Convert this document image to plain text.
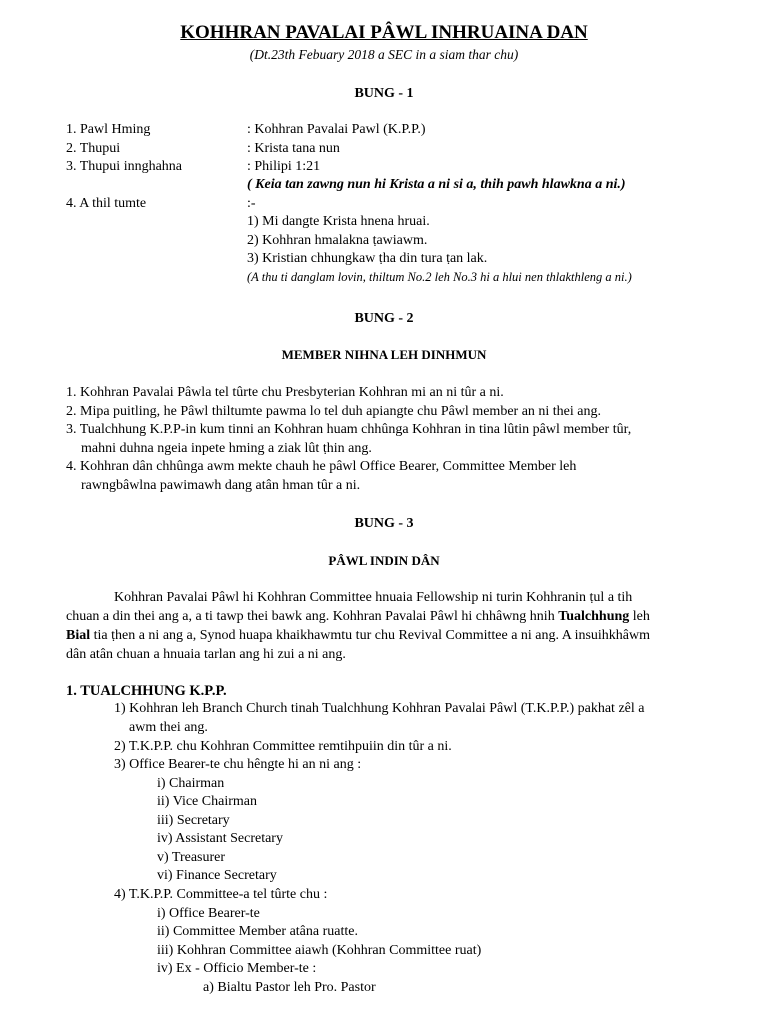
KOHHRAN PAVALAI PÂWL INHRUAINA DAN
(Dt.23th Febuary 2018 a SEC in a siam thar chu)
BUNG - 1
1. Pawl Hming	: Kohhran Pavalai Pawl (K.P.P.)
2. Thupui	: Krista tana nun
3. Thupui innghahna	: Philipi 1:21
( Keia tan zawng nun hi Krista a ni si a, thih pawh hlawkna a ni.)
4. A thil tumte	:-
1) Mi dangte Krista hnena hruai.
2) Kohhran hmalakna ṭawiawm.
3) Kristian chhungkaw ṭha din tura ṭan lak.
(A thu ti danglam lovin, thiltum No.2 leh No.3 hi a hlui nen thlakthleng a ni.)
BUNG - 2
MEMBER NIHNA LEH DINHMUN
1. Kohhran Pavalai Pâwla tel tûrte chu Presbyterian Kohhran mi an ni tûr a ni.
2. Mipa puitling, he Pâwl thiltumte pawma lo tel duh apiangte chu Pâwl member an ni thei ang.
3. Tualchhung K.P.P-in kum tinni an Kohhran huam chhûnga Kohhran in tina lûtin pâwl member tûr,
mahni duhna ngeia inpete hming a ziak lût ṭhin ang.
4. Kohhran dân chhûnga awm mekte chauh he pâwl Office Bearer, Committee Member leh
rawngbâwlna pawimawh dang atân hman tûr a ni.
BUNG - 3
PÂWL INDIN DÂN
Kohhran Pavalai Pâwl hi Kohhran Committee hnuaia Fellowship ni turin Kohhranin ṭul a tih
chuan a din thei ang a, a ti tawp thei bawk ang. Kohhran Pavalai Pâwl hi chhâwng hnih Tualchhung leh
Bial tia ṭhen a ni ang a, Synod huapa khaikhawmtu tur chu Revival Committee a ni ang. A insuihkhâwm
dân atân chuan a hnuaia tarlan ang hi zui a ni ang.
1. TUALCHHUNG K.P.P.
1) Kohhran leh Branch Church tinah Tualchhung Kohhran Pavalai Pâwl (T.K.P.P.) pakhat zêl a
awm thei ang.
2) T.K.P.P. chu Kohhran Committee remtihpuiin din tûr a ni.
3) Office Bearer-te chu hêngte hi an ni ang :
i) Chairman
ii) Vice Chairman
iii) Secretary
iv) Assistant Secretary
v) Treasurer
vi) Finance Secretary
4) T.K.P.P. Committee-a tel tûrte chu :
i) Office Bearer-te
ii) Committee Member atâna ruatte.
iii) Kohhran Committee aiawh (Kohhran Committee ruat)
iv) Ex - Officio Member-te :
a) Bialtu Pastor leh Pro. Pastor
